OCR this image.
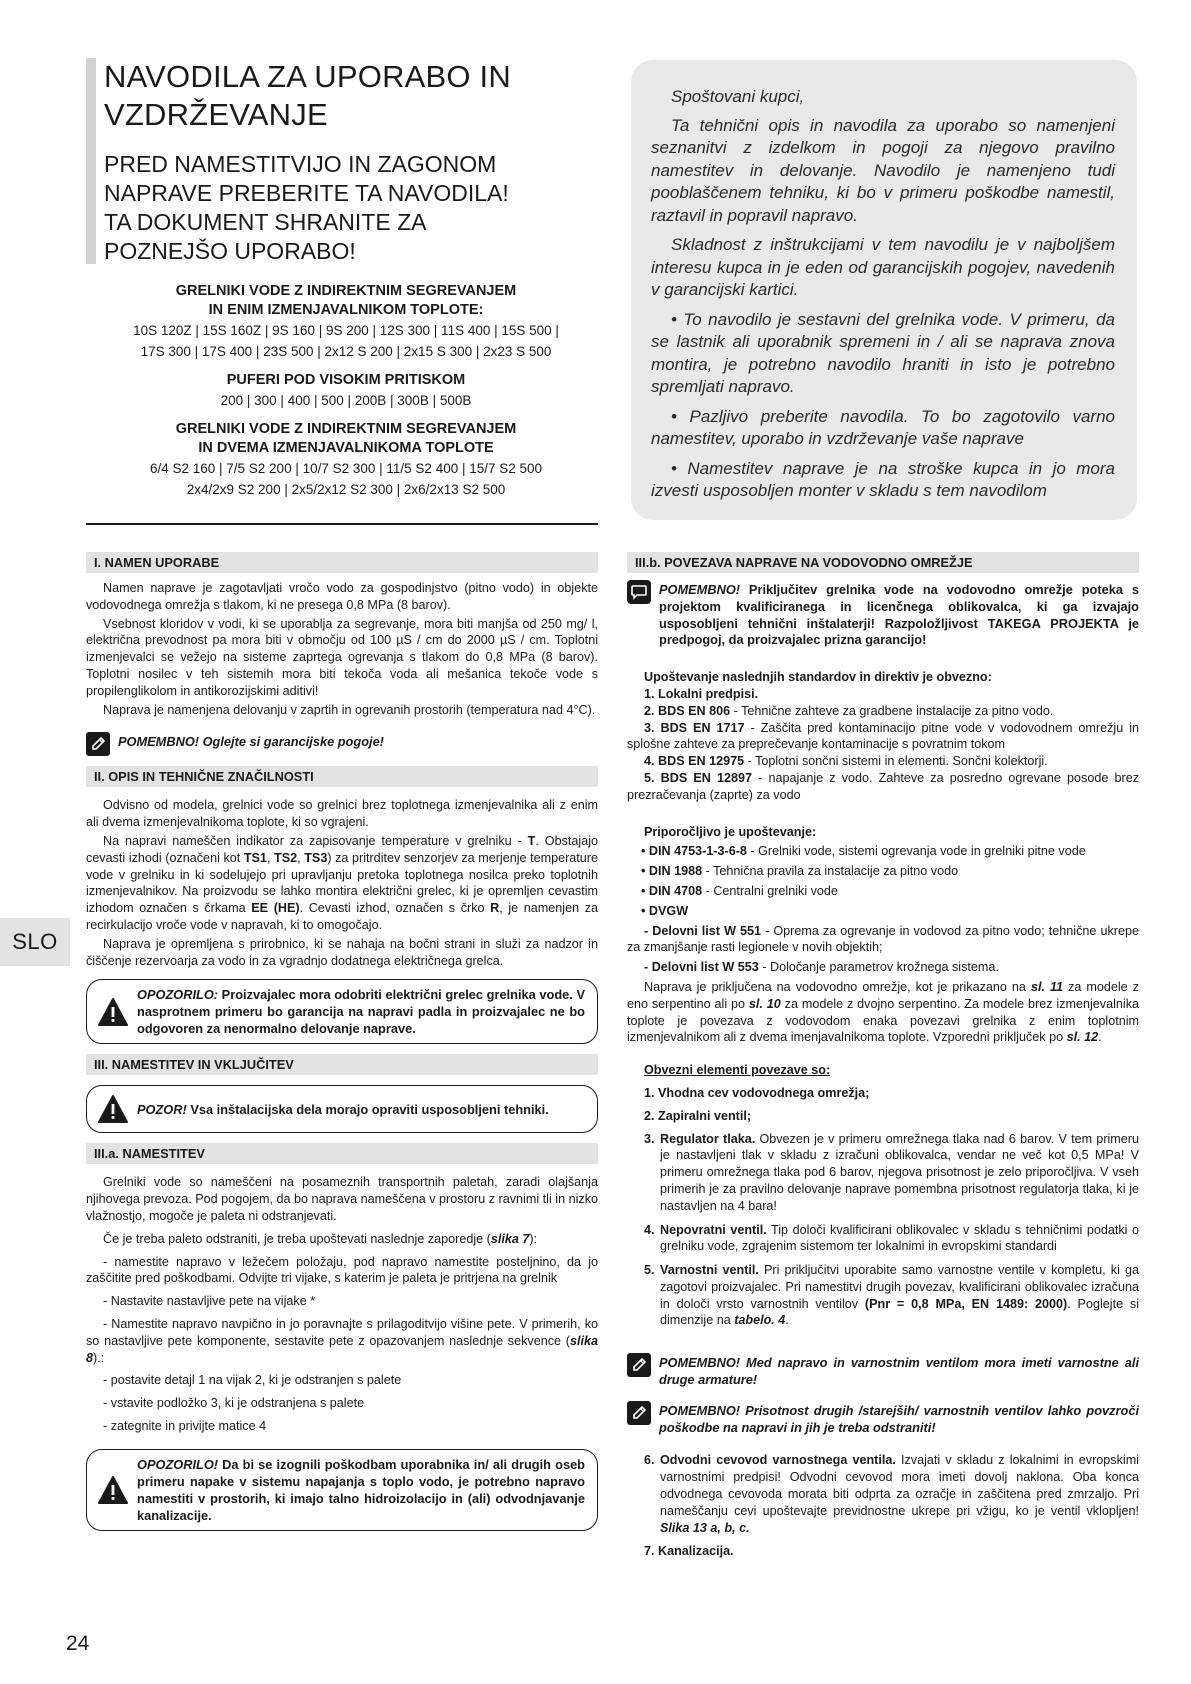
NAVODILA ZA UPORABO IN
VZDRŽEVANJE
PRED NAMESTITVIJO IN ZAGONOM
NAPRAVE PREBERITE TA NAVODILA!
TA DOKUMENT SHRANITE ZA
POZNEJŠO UPORABO!
GRELNIKI VODE Z INDIREKTNIM SEGREVANJEM
IN ENIM IZMENJAVALNIKOM TOPLOTE:

10S 120Z | 15S 160Z | 9S 160 | 9S 200 | 12S 300 | 11S 400 | 15S 500 |
17S 300 | 17S 400 | 23S 500 | 2x12 S 200 | 2x15 S 300 | 2x23 S 500

PUFERI POD VISOKIM PRITISKOM

200 | 300 | 400 | 500 | 200B | 300B | 500B

GRELNIKI VODE Z INDIREKTNIM SEGREVANJEM
IN DVEMA IZMENJAVALNIKOMA TOPLOTE

6/4 S2 160 | 7/5 S2 200 | 10/7 S2 300 | 11/5 S2 400 | 15/7 S2 500
2x4/2x9 S2 200 | 2x5/2x12 S2 300 | 2x6/2x13 S2 500

Spoštovani kupci,

Ta tehnični opis in navodila za uporabo so namenjeni seznanitvi z izdelkom in pogoji za njegovo pravilno namestitev in delovanje. Navodilo je namenjeno tudi pooblaščenem tehniku, ki bo v primeru poškodbe namestil, raztavil in popravil napravo.

Skladnost z inštrukcijami v tem navodilu je v najboljšem interesu kupca in je eden od garancijskih pogojev, navedenih v garancijski kartici.

• To navodilo je sestavni del grelnika vode. V primeru, da se lastnik ali uporabnik spremeni in / ali se naprava znova montira, je potrebno navodilo hraniti in isto je potrebno spremljati napravo.

• Pazljivo preberite navodila. To bo zagotovilo varno namestitev, uporabo in vzdrževanje vaše naprave

• Namestitev naprave je na stroške kupca in jo mora izvesti usposobljen monter v skladu s tem navodilom

I. NAMEN UPORABE

Namen naprave je zagotavljati vročo vodo za gospodinjstvo (pitno vodo) in objekte vodovodnega omrežja s tlakom, ki ne presega 0,8 MPa (8 barov).

Vsebnost kloridov v vodi, ki se uporablja za segrevanje, mora biti manjša od 250 mg/ l, električna prevodnost pa mora biti v območju od 100 µS / cm do 2000 µS / cm. Toplotni izmenjevalci se vežejo na sisteme zaprtega ogrevanja s tlakom do 0,8 MPa (8 barov). Toplotni nosilec v teh sistemih mora biti tekoča voda ali mešanica tekoče vode s propilenglikolom in antikorozijskimi aditivi!

Naprava je namenjena delovanju v zaprtih in ogrevanih prostorih (temperatura nad 4°C).

POMEMBNO! Oglejte si garancijske pogoje!
II. OPIS IN TEHNIČNE ZNAČILNOSTI

Odvisno od modela, grelnici vode so grelnici brez toplotnega izmenjevalnika ali z enim ali dvema izmenjevalnikoma toplote, ki so vgrajeni.

Na napravi nameščen indikator za zapisovanje temperature v grelniku - T. Obstajajo cevasti izhodi (označeni kot TS1, TS2, TS3) za pritrditev senzorjev za merjenje temperature vode v grelniku in ki sodelujejo pri upravljanju pretoka toplotnega nosilca preko toplotnih izmenjevalnikov. Na proizvodu se lahko montira električni grelec, ki je opremljen cevastim izhodom označen s črkama EE (HE). Cevasti izhod, označen s črko R, je namenjen za recirkulacijo vroče vode v napravah, ki to omogočajo.

Naprava je opremljena s prirobnico, ki se nahaja na bočni strani in služi za nadzor in čiščenje rezervoarja za vodo in za vgradnjo dodatnega električnega grelca.

OPOZORILO: Proizvajalec mora odobriti električni grelec grelnika vode. V nasprotnem primeru bo garancija na napravi padla in proizvajalec ne bo odgovoren za nenormalno delovanje naprave.
III. NAMESTITEV IN VKLJUČITEV
POZOR! Vsa inštalacijska dela morajo opraviti usposobljeni tehniki.
III.a. NAMESTITEV

Grelniki vode so nameščeni na posameznih transportnih paletah, zaradi olajšanja njihovega prevoza. Pod pogojem, da bo naprava nameščena v prostoru z ravnimi tli in nizko vlažnostjo, mogoče je paleta ni odstranjevati.

Če je treba paleto odstraniti, je treba upoštevati naslednje zaporedje (slika 7):

- namestite napravo v ležečem položaju, pod napravo namestite posteljnino, da jo zaščitite pred poškodbami. Odvijte tri vijake, s katerim je paleta je pritrjena na grelnik

- Nastavite nastavljive pete na vijake *

- Namestite napravo navpično in jo poravnajte s prilagoditvijo višine pete. V primerih, ko so nastavljive pete komponente, sestavite pete z opazovanjem naslednje sekvence (slika 8).:

- postavite detajl 1 na vijak 2, ki je odstranjen s palete

- vstavite podložko 3, ki je odstranjena s palete

- zategnite in privijte matice 4

OPOZORILO! Da bi se izognili poškodbam uporabnika in/ ali drugih oseb primeru napake v sistemu napajanja s toplo vodo, je potrebno napravo namestiti v prostorih, ki imajo talno hidroizolacijo in (ali) odvodnjavanje kanalizacije.
III.b. POVEZAVA NAPRAVE NA VODOVODNO OMREŽJE
POMEMBNO! Priključitev grelnika vode na vodovodno omrežje poteka s projektom kvalificiranega in licenčnega oblikovalca, ki ga izvajajo usposobljeni tehnični inštalaterji! Razpoložljivost TAKEGA PROJEKTA je predpogoj, da proizvajalec prizna garancijo!

Upoštevanje naslednjih standardov in direktiv je obvezno:

1. Lokalni predpisi.

2. BDS EN 806 - Tehnične zahteve za gradbene instalacije za pitno vodo.

3. BDS EN 1717 - Zaščita pred kontaminacijo pitne vode v vodovodnem omrežju in splošne zahteve za preprečevanje kontaminacije s povratnim tokom

4. BDS EN 12975 - Toplotni sončni sistemi in elementi. Sončni kolektorji.

5. BDS EN 12897 - napajanje z vodo. Zahteve za posredno ogrevane posode brez prezračevanja (zaprte) za vodo

Priporočljivo je upoštevanje:

• DIN 4753-1-3-6-8 - Grelniki vode, sistemi ogrevanja vode in grelniki pitne vode

• DIN 1988 - Tehnična pravila za instalacije za pitno vodo

• DIN 4708 - Centralni grelniki vode

• DVGW

- Delovni list W 551 - Oprema za ogrevanje in vodovod za pitno vodo; tehnične ukrepe za zmanjšanje rasti legionele v novih objektih;

- Delovni list W 553 - Določanje parametrov krožnega sistema.

Naprava je priključena na vodovodno omrežje, kot je prikazano na sl. 11 za modele z eno serpentino ali po sl. 10 za modele z dvojno serpentino. Za modele brez izmenjevalnika toplote je povezava z vodovodom enaka povezavi grelnika z enim toplotnim izmenjevalnikom ali z dvema imenjavalnikoma toplote. Vzporedni priključek po sl. 12.

Obvezni elementi povezave so:

1. Vhodna cev vodovodnega omrežja;

2. Zapiralni ventil;

3. Regulator tlaka. Obvezen je v primeru omrežnega tlaka nad 6 barov. V tem primeru je nastavljeni tlak v skladu z izračuni oblikovalca, vendar ne več kot 0,5 MPa! V primeru omrežnega tlaka pod 6 barov, njegova prisotnost je zelo priporočljiva. V vseh primerih je za pravilno delovanje naprave pomembna prisotnost regulatorja tlaka, ki je nastavljen na 4 bara!
4. Nepovratni ventil. Tip določi kvalificirani oblikovalec v skladu s tehničnimi podatki o grelniku vode, zgrajenim sistemom ter lokalnimi in evropskimi standardi
5. Varnostni ventil. Pri priključitvi uporabite samo varnostne ventile v kompletu, ki ga zagotovi proizvajalec. Pri namestitvi drugih povezav, kvalificirani oblikovalec izračuna in določi vrsto varnostnih ventilov (Pnr = 0,8 MPa, EN 1489: 2000). Poglejte si dimenzije na tabelo. 4.
POMEMBNO! Med napravo in varnostnim ventilom mora imeti varnostne ali druge armature!
POMEMBNO! Prisotnost drugih /starejših/ varnostnih ventilov lahko povzroči poškodbe na napravi in jih je treba odstraniti!
6. Odvodni cevovod varnostnega ventila. Izvajati v skladu z lokalnimi in evropskimi varnostnimi predpisi! Odvodni cevovod mora imeti dovolj naklona. Oba konca odvodnega cevovoda morata biti odprta za ozračje in zaščitena pred zmrzaljo. Pri nameščanju cevi upoštevajte previdnostne ukrepe pri vžigu, ko je ventil vklopljen! Slika 13 a, b, c.

7. Kanalizacija.

SLO
24
